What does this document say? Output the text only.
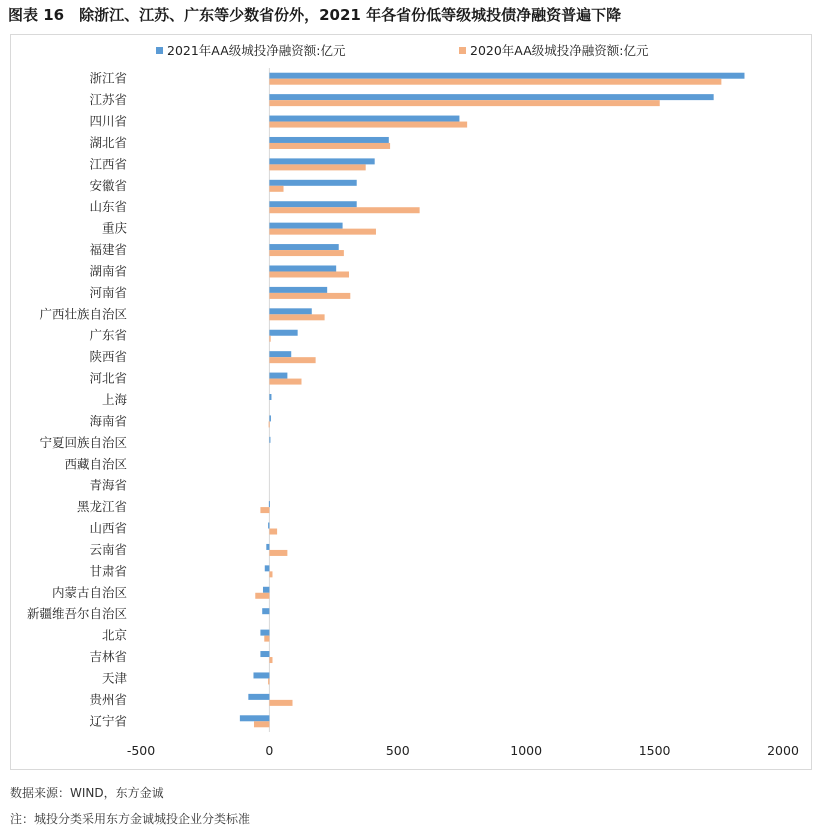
图表 16　除浙江、江苏、广东等少数省份外，2021 年各省份低等级城投债净融资普遍下降
浙江省
江苏省
四川省
湖北省
江西省
安徽省
山东省
重庆
福建省
湖南省
河南省
广西壮族自治区
广东省
陕西省
河北省
上海
海南省
宁夏回族自治区
西藏自治区
青海省
黑龙江省
山西省
云南省
甘肃省
内蒙古自治区
新疆维吾尔自治区
北京
吉林省
天津
贵州省
辽宁省
-500	0	500	1000	1500	2000
2021年AA级城投净融资额:亿元	2020年AA级城投净融资额:亿元
数据来源：WIND，东方金诚
注：城投分类采用东方金诚城投企业分类标准
